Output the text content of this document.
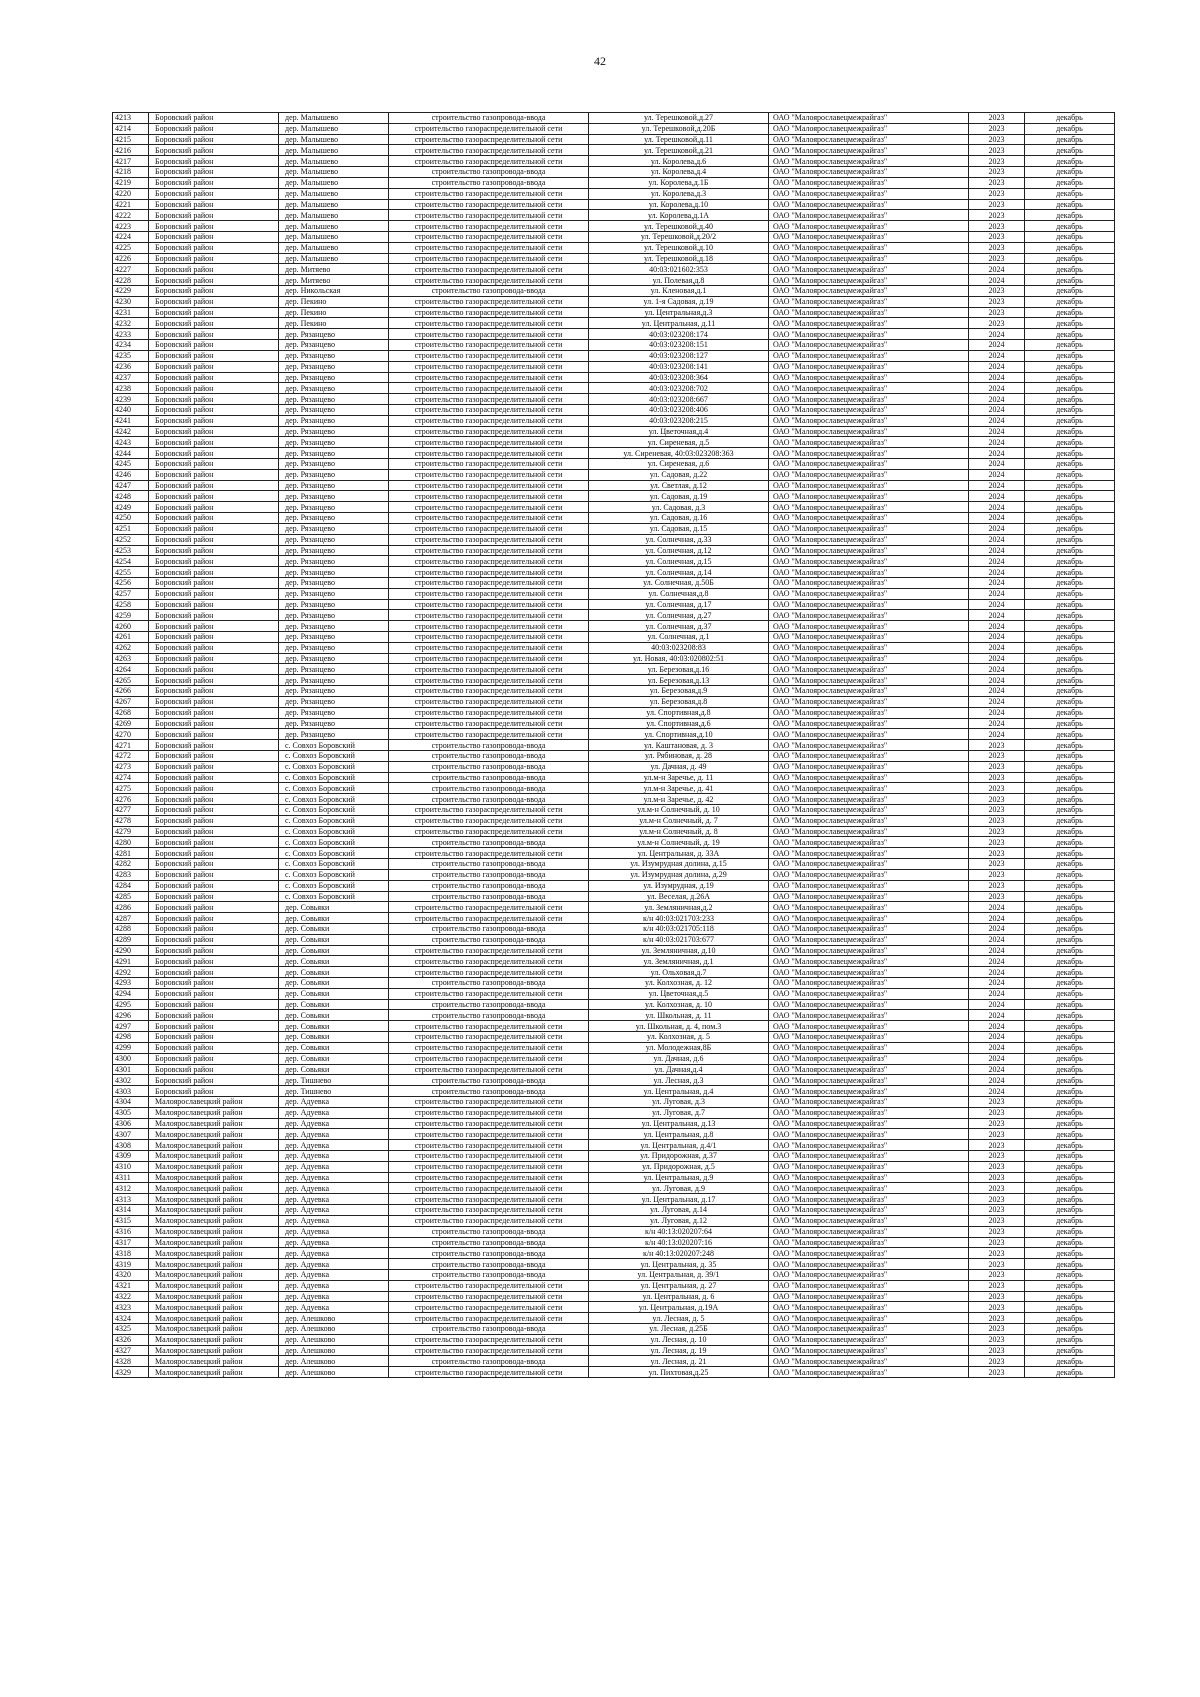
42
4213	Боровский район	дер. Малышево	строительство газопровода-ввода	ул. Терешковой,д.27	ОАО "Малоярославецмежрайгаз"	2023	декабрь
4214	Боровский район	дер. Малышево	строительство газораспределительной сети	ул. Терешковой,д.20Б	ОАО "Малоярославецмежрайгаз"	2023	декабрь
4215	Боровский район	дер. Малышево	строительство газораспределительной сети	ул. Терешковой,д.11	ОАО "Малоярославецмежрайгаз"	2023	декабрь
4216	Боровский район	дер. Малышево	строительство газораспределительной сети	ул. Терешковой,д.21	ОАО "Малоярославецмежрайгаз"	2023	декабрь
4217	Боровский район	дер. Малышево	строительство газораспределительной сети	ул. Королева,д.6	ОАО "Малоярославецмежрайгаз"	2023	декабрь
4218	Боровский район	дер. Малышево	строительство газопровода-ввода	ул. Королева,д.4	ОАО "Малоярославецмежрайгаз"	2023	декабрь
4219	Боровский район	дер. Малышево	строительство газопровода-ввода	ул. Королева,д.1Б	ОАО "Малоярославецмежрайгаз"	2023	декабрь
4220	Боровский район	дер. Малышево	строительство газораспределительной сети	ул. Королева,д.3	ОАО "Малоярославецмежрайгаз"	2023	декабрь
4221	Боровский район	дер. Малышево	строительство газораспределительной сети	ул. Королева,д.10	ОАО "Малоярославецмежрайгаз"	2023	декабрь
4222	Боровский район	дер. Малышево	строительство газораспределительной сети	ул. Королева,д.1А	ОАО "Малоярославецмежрайгаз"	2023	декабрь
4223	Боровский район	дер. Малышево	строительство газораспределительной сети	ул. Терешковой,д.40	ОАО "Малоярославецмежрайгаз"	2023	декабрь
4224	Боровский район	дер. Малышево	строительство газораспределительной сети	ул. Терешковой,д.20/2	ОАО "Малоярославецмежрайгаз"	2023	декабрь
4225	Боровский район	дер. Малышево	строительство газораспределительной сети	ул. Терешковой,д.10	ОАО "Малоярославецмежрайгаз"	2023	декабрь
4226	Боровский район	дер. Малышево	строительство газораспределительной сети	ул. Терешковой,д.18	ОАО "Малоярославецмежрайгаз"	2023	декабрь
4227	Боровский район	дер. Митяево	строительство газораспределительной сети	40:03:021602:353	ОАО "Малоярославецмежрайгаз"	2024	декабрь
4228	Боровский район	дер. Митяево	строительство газораспределительной сети	ул. Полевая,д.8	ОАО "Малоярославецмежрайгаз"	2024	декабрь
4229	Боровский район	дер. Никольская	строительство газопровода-ввода	ул. Кленовая,д.1	ОАО "Малоярославецмежрайгаз"	2023	декабрь
4230	Боровский район	дер. Пекино	строительство газораспределительной сети	ул. 1-я Садовая, д.19	ОАО "Малоярославецмежрайгаз"	2023	декабрь
4231	Боровский район	дер. Пекино	строительство газораспределительной сети	ул. Центральная,д.3	ОАО "Малоярославецмежрайгаз"	2023	декабрь
4232	Боровский район	дер. Пекино	строительство газораспределительной сети	ул. Центральная, д.11	ОАО "Малоярославецмежрайгаз"	2023	декабрь
4233	Боровский район	дер. Рязанцево	строительство газораспределительной сети	40:03:023208:174	ОАО "Малоярославецмежрайгаз"	2024	декабрь
4234	Боровский район	дер. Рязанцево	строительство газораспределительной сети	40:03:023208:151	ОАО "Малоярославецмежрайгаз"	2024	декабрь
4235	Боровский район	дер. Рязанцево	строительство газораспределительной сети	40:03:023208:127	ОАО "Малоярославецмежрайгаз"	2024	декабрь
4236	Боровский район	дер. Рязанцево	строительство газораспределительной сети	40:03:023208:141	ОАО "Малоярославецмежрайгаз"	2024	декабрь
4237	Боровский район	дер. Рязанцево	строительство газораспределительной сети	40:03:023208:364	ОАО "Малоярославецмежрайгаз"	2024	декабрь
4238	Боровский район	дер. Рязанцево	строительство газораспределительной сети	40:03:023208:702	ОАО "Малоярославецмежрайгаз"	2024	декабрь
4239	Боровский район	дер. Рязанцево	строительство газораспределительной сети	40:03:023208:667	ОАО "Малоярославецмежрайгаз"	2024	декабрь
4240	Боровский район	дер. Рязанцево	строительство газораспределительной сети	40:03:023208:406	ОАО "Малоярославецмежрайгаз"	2024	декабрь
4241	Боровский район	дер. Рязанцево	строительство газораспределительной сети	40:03:023208:215	ОАО "Малоярославецмежрайгаз"	2024	декабрь
4242	Боровский район	дер. Рязанцево	строительство газораспределительной сети	ул. Цветочная,д.4	ОАО "Малоярославецмежрайгаз"	2024	декабрь
4243	Боровский район	дер. Рязанцево	строительство газораспределительной сети	ул. Сиреневая, д.5	ОАО "Малоярославецмежрайгаз"	2024	декабрь
4244	Боровский район	дер. Рязанцево	строительство газораспределительной сети	ул. Сиреневая, 40:03:023208:363	ОАО "Малоярославецмежрайгаз"	2024	декабрь
4245	Боровский район	дер. Рязанцево	строительство газораспределительной сети	ул. Сиреневая, д.6	ОАО "Малоярославецмежрайгаз"	2024	декабрь
4246	Боровский район	дер. Рязанцево	строительство газораспределительной сети	ул. Садовая, д.22	ОАО "Малоярославецмежрайгаз"	2024	декабрь
4247	Боровский район	дер. Рязанцево	строительство газораспределительной сети	ул. Светлая, д.12	ОАО "Малоярославецмежрайгаз"	2024	декабрь
4248	Боровский район	дер. Рязанцево	строительство газораспределительной сети	ул. Садовая, д.19	ОАО "Малоярославецмежрайгаз"	2024	декабрь
4249	Боровский район	дер. Рязанцево	строительство газораспределительной сети	ул. Садовая, д.3	ОАО "Малоярославецмежрайгаз"	2024	декабрь
4250	Боровский район	дер. Рязанцево	строительство газораспределительной сети	ул. Садовая, д.16	ОАО "Малоярославецмежрайгаз"	2024	декабрь
4251	Боровский район	дер. Рязанцево	строительство газораспределительной сети	ул. Садовая, д.15	ОАО "Малоярославецмежрайгаз"	2024	декабрь
4252	Боровский район	дер. Рязанцево	строительство газораспределительной сети	ул. Солнечная, д.33	ОАО "Малоярославецмежрайгаз"	2024	декабрь
4253	Боровский район	дер. Рязанцево	строительство газораспределительной сети	ул. Солнечная, д.12	ОАО "Малоярославецмежрайгаз"	2024	декабрь
4254	Боровский район	дер. Рязанцево	строительство газораспределительной сети	ул. Солнечная, д.15	ОАО "Малоярославецмежрайгаз"	2024	декабрь
4255	Боровский район	дер. Рязанцево	строительство газораспределительной сети	ул. Солнечная, д.14	ОАО "Малоярославецмежрайгаз"	2024	декабрь
4256	Боровский район	дер. Рязанцево	строительство газораспределительной сети	ул. Солнечная, д.50Б	ОАО "Малоярославецмежрайгаз"	2024	декабрь
4257	Боровский район	дер. Рязанцево	строительство газораспределительной сети	ул. Солнечная,д.8	ОАО "Малоярославецмежрайгаз"	2024	декабрь
4258	Боровский район	дер. Рязанцево	строительство газораспределительной сети	ул. Солнечная, д.17	ОАО "Малоярославецмежрайгаз"	2024	декабрь
4259	Боровский район	дер. Рязанцево	строительство газораспределительной сети	ул. Солнечная, д.27	ОАО "Малоярославецмежрайгаз"	2024	декабрь
4260	Боровский район	дер. Рязанцево	строительство газораспределительной сети	ул. Солнечная, д.37	ОАО "Малоярославецмежрайгаз"	2024	декабрь
4261	Боровский район	дер. Рязанцево	строительство газораспределительной сети	ул. Солнечная, д.1	ОАО "Малоярославецмежрайгаз"	2024	декабрь
4262	Боровский район	дер. Рязанцево	строительство газораспределительной сети	40:03:023208:83	ОАО "Малоярославецмежрайгаз"	2024	декабрь
4263	Боровский район	дер. Рязанцево	строительство газораспределительной сети	ул. Новая, 40:03:020802:51	ОАО "Малоярославецмежрайгаз"	2024	декабрь
4264	Боровский район	дер. Рязанцево	строительство газораспределительной сети	ул. Березовая,д.16	ОАО "Малоярославецмежрайгаз"	2024	декабрь
4265	Боровский район	дер. Рязанцево	строительство газораспределительной сети	ул. Березовая,д.13	ОАО "Малоярославецмежрайгаз"	2024	декабрь
4266	Боровский район	дер. Рязанцево	строительство газораспределительной сети	ул. Березовая,д.9	ОАО "Малоярославецмежрайгаз"	2024	декабрь
4267	Боровский район	дер. Рязанцево	строительство газораспределительной сети	ул. Березовая,д.8	ОАО "Малоярославецмежрайгаз"	2024	декабрь
4268	Боровский район	дер. Рязанцево	строительство газораспределительной сети	ул. Спортивная,д.8	ОАО "Малоярославецмежрайгаз"	2024	декабрь
4269	Боровский район	дер. Рязанцево	строительство газораспределительной сети	ул. Спортивная,д.6	ОАО "Малоярославецмежрайгаз"	2024	декабрь
4270	Боровский район	дер. Рязанцево	строительство газораспределительной сети	ул. Спортивная,д.10	ОАО "Малоярославецмежрайгаз"	2024	декабрь
4271	Боровский район	с. Совхоз Боровский	строительство газопровода-ввода	ул. Каштановая, д. 3	ОАО "Малоярославецмежрайгаз"	2023	декабрь
4272	Боровский район	с. Совхоз Боровский	строительство газопровода-ввода	ул. Рябиновая, д. 28	ОАО "Малоярославецмежрайгаз"	2023	декабрь
4273	Боровский район	с. Совхоз Боровский	строительство газопровода-ввода	ул. Дачная, д. 49	ОАО "Малоярославецмежрайгаз"	2023	декабрь
4274	Боровский район	с. Совхоз Боровский	строительство газопровода-ввода	ул.м-н Заречье, д. 11	ОАО "Малоярославецмежрайгаз"	2023	декабрь
4275	Боровский район	с. Совхоз Боровский	строительство газопровода-ввода	ул.м-н Заречье, д. 41	ОАО "Малоярославецмежрайгаз"	2023	декабрь
4276	Боровский район	с. Совхоз Боровский	строительство газопровода-ввода	ул.м-н Заречье, д. 42	ОАО "Малоярославецмежрайгаз"	2023	декабрь
4277	Боровский район	с. Совхоз Боровский	строительство газораспределительной сети	ул.м-н Солнечный, д. 10	ОАО "Малоярославецмежрайгаз"	2023	декабрь
4278	Боровский район	с. Совхоз Боровский	строительство газораспределительной сети	ул.м-н Солнечный, д. 7	ОАО "Малоярославецмежрайгаз"	2023	декабрь
4279	Боровский район	с. Совхоз Боровский	строительство газораспределительной сети	ул.м-н Солнечный, д. 8	ОАО "Малоярославецмежрайгаз"	2023	декабрь
4280	Боровский район	с. Совхоз Боровский	строительство газопровода-ввода	ул.м-н Солнечный, д. 19	ОАО "Малоярославецмежрайгаз"	2023	декабрь
4281	Боровский район	с. Совхоз Боровский	строительство газораспределительной сети	ул. Центральная, д. 33А	ОАО "Малоярославецмежрайгаз"	2023	декабрь
4282	Боровский район	с. Совхоз Боровский	строительство газопровода-ввода	ул. Изумрудная долина, д.15	ОАО "Малоярославецмежрайгаз"	2023	декабрь
4283	Боровский район	с. Совхоз Боровский	строительство газопровода-ввода	ул. Изумрудная долина, д.29	ОАО "Малоярославецмежрайгаз"	2023	декабрь
4284	Боровский район	с. Совхоз Боровский	строительство газопровода-ввода	ул. Изумрудная, д.19	ОАО "Малоярославецмежрайгаз"	2023	декабрь
4285	Боровский район	с. Совхоз Боровский	строительство газопровода-ввода	ул. Веселая, д.26А	ОАО "Малоярославецмежрайгаз"	2023	декабрь
4286	Боровский район	дер. Совьяки	строительство газораспределительной сети	ул. Земляничная,д.2	ОАО "Малоярославецмежрайгаз"	2024	декабрь
4287	Боровский район	дер. Совьяки	строительство газораспределительной сети	к/н 40:03:021703:233	ОАО "Малоярославецмежрайгаз"	2024	декабрь
4288	Боровский район	дер. Совьяки	строительство газопровода-ввода	к/н 40:03:021705:118	ОАО "Малоярославецмежрайгаз"	2024	декабрь
4289	Боровский район	дер. Совьяки	строительство газопровода-ввода	к/н 40:03:021703:677	ОАО "Малоярославецмежрайгаз"	2024	декабрь
4290	Боровский район	дер. Совьяки	строительство газораспределительной сети	ул. Земляничная, д.10	ОАО "Малоярославецмежрайгаз"	2024	декабрь
4291	Боровский район	дер. Совьяки	строительство газораспределительной сети	ул. Земляничная, д.1	ОАО "Малоярославецмежрайгаз"	2024	декабрь
4292	Боровский район	дер. Совьяки	строительство газораспределительной сети	ул. Ольховая,д.7	ОАО "Малоярославецмежрайгаз"	2024	декабрь
4293	Боровский район	дер. Совьяки	строительство газопровода-ввода	ул. Колхозная, д. 12	ОАО "Малоярославецмежрайгаз"	2024	декабрь
4294	Боровский район	дер. Совьяки	строительство газораспределительной сети	ул. Цветочная,д.5	ОАО "Малоярославецмежрайгаз"	2024	декабрь
4295	Боровский район	дер. Совьяки	строительство газопровода-ввода	ул. Колхозная, д. 10	ОАО "Малоярославецмежрайгаз"	2024	декабрь
4296	Боровский район	дер. Совьяки	строительство газопровода-ввода	ул. Школьная, д. 11	ОАО "Малоярославецмежрайгаз"	2024	декабрь
4297	Боровский район	дер. Совьяки	строительство газораспределительной сети	ул. Школьная, д. 4, пом.3	ОАО "Малоярославецмежрайгаз"	2024	декабрь
4298	Боровский район	дер. Совьяки	строительство газораспределительной сети	ул. Колхозная, д. 5	ОАО "Малоярославецмежрайгаз"	2024	декабрь
4299	Боровский район	дер. Совьяки	строительство газораспределительной сети	ул. Молодежная,8Б	ОАО "Малоярославецмежрайгаз"	2024	декабрь
4300	Боровский район	дер. Совьяки	строительство газораспределительной сети	ул. Дачная, д.6	ОАО "Малоярославецмежрайгаз"	2024	декабрь
4301	Боровский район	дер. Совьяки	строительство газораспределительной сети	ул. Дачная,д.4	ОАО "Малоярославецмежрайгаз"	2024	декабрь
4302	Боровский район	дер. Тишнево	строительство газопровода-ввода	ул. Лесная, д.3	ОАО "Малоярославецмежрайгаз"	2024	декабрь
4303	Боровский район	дер. Тишнево	строительство газопровода-ввода	ул. Центральная, д.4	ОАО "Малоярославецмежрайгаз"	2024	декабрь
4304	Малоярославецкий район	дер. Адуевка	строительство газораспределительной сети	ул. Луговая, д.3	ОАО "Малоярославецмежрайгаз"	2023	декабрь
4305	Малоярославецкий район	дер. Адуевка	строительство газораспределительной сети	ул. Луговая, д.7	ОАО "Малоярославецмежрайгаз"	2023	декабрь
4306	Малоярославецкий район	дер. Адуевка	строительство газораспределительной сети	ул. Центральная, д.13	ОАО "Малоярославецмежрайгаз"	2023	декабрь
4307	Малоярославецкий район	дер. Адуевка	строительство газораспределительной сети	ул. Центральная, д.8	ОАО "Малоярославецмежрайгаз"	2023	декабрь
4308	Малоярославецкий район	дер. Адуевка	строительство газораспределительной сети	ул. Центральная, д.4/1	ОАО "Малоярославецмежрайгаз"	2023	декабрь
4309	Малоярославецкий район	дер. Адуевка	строительство газораспределительной сети	ул. Придорожная, д.37	ОАО "Малоярославецмежрайгаз"	2023	декабрь
4310	Малоярославецкий район	дер. Адуевка	строительство газораспределительной сети	ул. Придорожная, д.5	ОАО "Малоярославецмежрайгаз"	2023	декабрь
4311	Малоярославецкий район	дер. Адуевка	строительство газораспределительной сети	ул. Центральная, д.9	ОАО "Малоярославецмежрайгаз"	2023	декабрь
4312	Малоярославецкий район	дер. Адуевка	строительство газораспределительной сети	ул. Луговая, д.9	ОАО "Малоярославецмежрайгаз"	2023	декабрь
4313	Малоярославецкий район	дер. Адуевка	строительство газораспределительной сети	ул. Центральная, д.17	ОАО "Малоярославецмежрайгаз"	2023	декабрь
4314	Малоярославецкий район	дер. Адуевка	строительство газораспределительной сети	ул. Луговая, д.14	ОАО "Малоярославецмежрайгаз"	2023	декабрь
4315	Малоярославецкий район	дер. Адуевка	строительство газораспределительной сети	ул. Луговая, д.12	ОАО "Малоярославецмежрайгаз"	2023	декабрь
4316	Малоярославецкий район	дер. Адуевка	строительство газопровода-ввода	к/н 40:13:020207:64	ОАО "Малоярославецмежрайгаз"	2023	декабрь
4317	Малоярославецкий район	дер. Адуевка	строительство газопровода-ввода	к/н 40:13:020207:16	ОАО "Малоярославецмежрайгаз"	2023	декабрь
4318	Малоярославецкий район	дер. Адуевка	строительство газопровода-ввода	к/н 40:13:020207:248	ОАО "Малоярославецмежрайгаз"	2023	декабрь
4319	Малоярославецкий район	дер. Адуевка	строительство газопровода-ввода	ул. Центральная, д. 35	ОАО "Малоярославецмежрайгаз"	2023	декабрь
4320	Малоярославецкий район	дер. Адуевка	строительство газопровода-ввода	ул. Центральная, д. 39/1	ОАО "Малоярославецмежрайгаз"	2023	декабрь
4321	Малоярославецкий район	дер. Адуевка	строительство газораспределительной сети	ул. Центральная, д. 27	ОАО "Малоярославецмежрайгаз"	2023	декабрь
4322	Малоярославецкий район	дер. Адуевка	строительство газораспределительной сети	ул. Центральная, д. 6	ОАО "Малоярославецмежрайгаз"	2023	декабрь
4323	Малоярославецкий район	дер. Адуевка	строительство газораспределительной сети	ул. Центральная, д.19А	ОАО "Малоярославецмежрайгаз"	2023	декабрь
4324	Малоярославецкий район	дер. Алешково	строительство газораспределительной сети	ул. Лесная, д. 5	ОАО "Малоярославецмежрайгаз"	2023	декабрь
4325	Малоярославецкий район	дер. Алешково	строительство газопровода-ввода	ул. Лесная, д.25Б	ОАО "Малоярославецмежрайгаз"	2023	декабрь
4326	Малоярославецкий район	дер. Алешково	строительство газораспределительной сети	ул. Лесная, д. 10	ОАО "Малоярославецмежрайгаз"	2023	декабрь
4327	Малоярославецкий район	дер. Алешково	строительство газораспределительной сети	ул. Лесная, д. 19	ОАО "Малоярославецмежрайгаз"	2023	декабрь
4328	Малоярославецкий район	дер. Алешково	строительство газопровода-ввода	ул. Лесная, д. 21	ОАО "Малоярославецмежрайгаз"	2023	декабрь
4329	Малоярославецкий район	дер. Алешково	строительство газораспределительной сети	ул. Пихтовая,д.25	ОАО "Малоярославецмежрайгаз"	2023	декабрь
